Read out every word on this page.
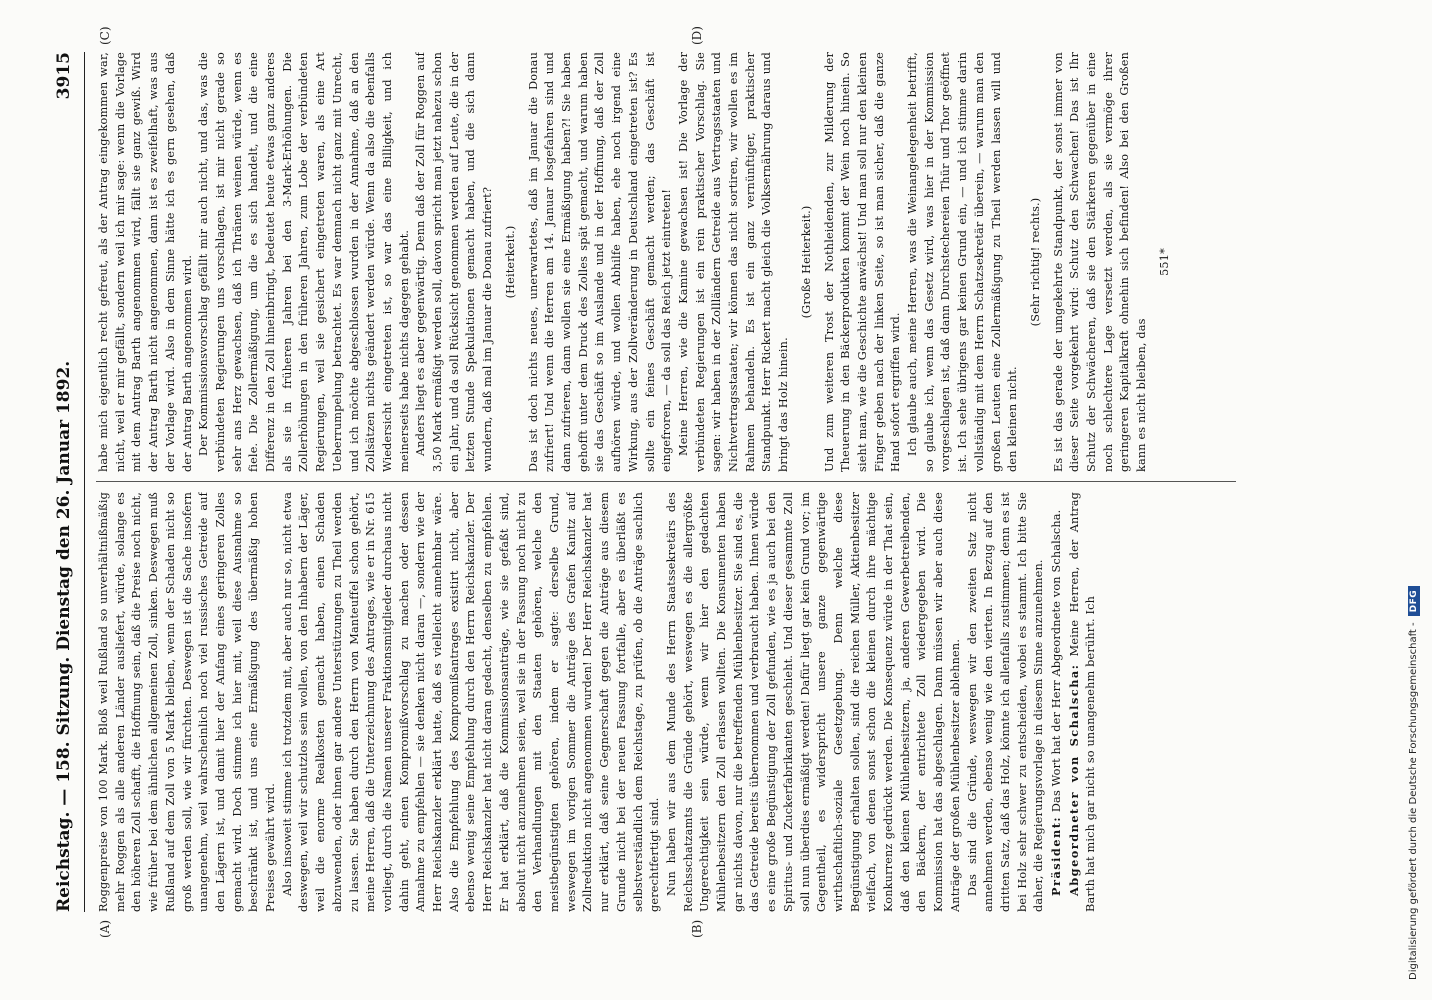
Reichstag. — 158. Sitzung. Dienstag den 26. Januar 1892.
3915
(A)	(B)
(C)	(D)

Roggenpreise von 100 Mark. Bloß weil Rußland so unverhältnißmäßig mehr Roggen als alle anderen Länder ausliefert, würde, solange es den höheren Zoll schafft, die Hoffnung sein, daß die Preise noch nicht, wie früher bei dem ähnlichen allgemeinen Zoll, sinken. Deswegen muß Rußland auf dem Zoll von 5 Mark bleiben, wenn der Schaden nicht so groß werden soll, wie wir fürchten. Deswegen ist die Sache insofern unangenehm, weil wahrscheinlich noch viel russisches Getreide auf den Lägern ist, und damit hier der Anfang eines geringeren Zolles gemacht wird. Doch stimme ich hier mit, weil diese Ausnahme so beschränkt ist, und uns eine Ermäßigung des übermäßig hohen Preises gewährt wird. Also insoweit stimme ich trotzdem mit, aber auch nur so, nicht etwa deswegen, weil wir schutzlos sein wollen, von den Inhabern der Läger, weil die enorme Realkosten gemacht haben, einen Schaden abzuwenden, oder ihnen gar andere Unterstützungen zu Theil werden zu lassen. Sie haben durch den Herrn von Manteuffel schon gehört, meine Herren, daß die Unterzeichnung des Antrages, wie er in Nr. 615 vorliegt, durch die Namen unserer Fraktionsmitglieder durchaus nicht dahin geht, einen Kompromißvorschlag zu machen oder dessen Annahme zu empfehlen — sie denken nicht daran —, sondern wie der Herr Reichskanzler erklärt hatte, daß es vielleicht annehmbar wäre. Also die Empfehlung des Kompromißantrages existirt nicht, aber ebenso wenig seine Empfehlung durch den Herrn Reichskanzler. Der Herr Reichskanzler hat nicht daran gedacht, denselben zu empfehlen. Er hat erklärt, daß die Kommissionsanträge, wie sie gefaßt sind, absolut nicht anzunehmen seien, weil sie in der Fassung noch nicht zu den Verhandlungen mit den Staaten gehören, welche den meistbegünstigten gehören, indem er sagte: derselbe Grund, weswegen im vorigen Sommer die Anträge des Grafen Kanitz auf Zollreduktion nicht angenommen wurden! Der Herr Reichskanzler hat nur erklärt, daß seine Gegnerschaft gegen die Anträge aus diesem Grunde nicht bei der neuen Fassung fortfalle, aber es überläßt es selbstverständlich dem Reichstage, zu prüfen, ob die Anträge sachlich gerechtfertigt sind. Nun haben wir aus dem Munde des Herrn Staatssekretärs des Reichsschatzamts die Gründe gehört, weswegen es die allergrößte Ungerechtigkeit sein würde, wenn wir hier den gedachten Mühlenbesitzern den Zoll erlassen wollten. Die Konsumenten haben gar nichts davon, nur die betreffenden Mühlenbesitzer. Sie sind es, die das Getreide bereits übernommen und verbraucht haben. Ihnen würde es eine große Begünstigung der Zoll gefunden, wie es ja auch bei den Spiritus- und Zuckerfabrikanten geschieht. Und dieser gesammte Zoll soll nun überdies ermäßigt werden! Dafür liegt gar kein Grund vor; im Gegentheil, es widerspricht unsere ganze gegenwärtige wirthschaftlich-soziale Gesetzgebung. Denn welche diese Begünstigung erhalten sollen, sind die reichen Müller, Aktienbesitzer vielfach, von denen sonst schon die kleinen durch ihre mächtige Konkurrenz gedrückt werden. Die Konsequenz würde in der That sein, daß den kleinen Mühlenbesitzern, ja, anderen Gewerbetreibenden, den Bäckern, der entrichtete Zoll wiedergegeben wird. Die Kommission hat das abgeschlagen. Dann müssen wir aber auch diese Anträge der großen Mühlenbesitzer ablehnen. Das sind die Gründe, weswegen wir den zweiten Satz nicht annehmen werden, ebenso wenig wie den vierten. In Bezug auf den dritten Satz, daß das Holz, könnte ich allenfalls zustimmen; denn es ist bei Holz sehr schwer zu entscheiden, wobei es stammt. Ich bitte Sie daher, die Regierungsvorlage in diesem Sinne anzunehmen. Präsident: Das Wort hat der Herr Abgeordnete von Schalscha. Abgeordneter von Schalscha: Meine Herren, der Antrag Barth hat mich gar nicht so unangenehm berührt. Ich

habe mich eigentlich recht gefreut, als der Antrag eingekommen war, nicht, weil er mir gefällt, sondern weil ich mir sage: wenn die Vorlage mit dem Antrag Barth angenommen wird, fällt sie ganz gewiß. Wird der Antrag Barth nicht angenommen, dann ist es zweifelhaft, was aus der Vorlage wird. Also in dem Sinne hätte ich es gern gesehen, daß der Antrag Barth angenommen wird. Der Kommissionsvorschlag gefällt mir auch nicht, und das, was die verbündeten Regierungen uns vorschlagen, ist mir nicht gerade so sehr ans Herz gewachsen, daß ich Thränen weinen würde, wenn es fiele. Die Zollermäßigung, um die es sich handelt, und die eine Differenz in den Zoll hineinbringt, bedeutet heute etwas ganz anderes als sie in früheren Jahren bei den 3-Mark-Erhöhungen. Die Zollerhöhungen in den früheren Jahren, zum Lobe der verbündeten Regierungen, weil sie gesichert eingetreten waren, als eine Art Ueberrumpelung betrachtet. Es war demnach nicht ganz mit Unrecht, und ich möchte abgeschlossen wurden in der Annahme, daß an den Zollsätzen nichts geändert werden würde. Wenn da also die ebenfalls Wiedersicht eingetreten ist, so war das eine Billigkeit, und ich meinerseits habe nichts dagegen gehabt. Anders liegt es aber gegenwärtig. Denn daß der Zoll für Roggen auf 3,50 Mark ermäßigt werden soll, davon spricht man jetzt nahezu schon ein Jahr, und da soll Rücksicht genommen werden auf Leute, die in der letzten Stunde Spekulationen gemacht haben, und die sich dann wundern, daß mal im Januar die Donau zufriert? (Heiterkeit.) Das ist doch nichts neues, unerwartetes, daß im Januar die Donau zufriert! Und wenn die Herren am 14. Januar losgefahren sind und dann zufrieren, dann wollen sie eine Ermäßigung haben?! Sie haben gehofft unter dem Druck des Zolles spät gemacht, und warum haben sie das Geschäft so im Auslande und in der Hoffnung, daß der Zoll aufhören würde, und wollen Abhilfe haben, ehe noch irgend eine Wirkung, aus der Zollveränderung in Deutschland eingetreten ist? Es sollte ein feines Geschäft gemacht werden; das Geschäft ist eingefroren, — da soll das Reich jetzt eintreten! Meine Herren, wie die Kamine gewachsen ist! Die Vorlage der verbündeten Regierungen ist ein rein praktischer Vorschlag. Sie sagen: wir haben in der Zollländern Getreide aus Vertragsstaaten und Nichtvertragsstaaten; wir können das nicht sortiren, wir wollen es im Rahmen behandeln. Es ist ein ganz vernünftiger, praktischer Standpunkt. Herr Rickert macht gleich die Volksernährung daraus und bringt das Holz hinein.

(Große Heiterkeit.) Und zum weiteren Trost der Nothleidenden, zur Milderung der Theuerung in den Bäckerprodukten kommt der Wein noch hinein. So sieht man, wie die Geschichte anwächst! Und man soll nur den kleinen Finger geben nach der linken Seite, so ist man sicher, daß die ganze Hand sofort ergriffen wird. Ich glaube auch, meine Herren, was die Weinangelegenheit betrifft, so glaube ich, wenn das Gesetz wird, was hier in der Kommission vorgeschlagen ist, daß dann Durchstechereien Thür und Thor geöffnet ist. Ich sehe übrigens gar keinen Grund ein, — und ich stimme darin vollständig mit dem Herrn Schatzsekretär überein, — warum man den großen Leuten eine Zollermäßigung zu Theil werden lassen will und den kleinen nicht.

(Sehr richtig! rechts.) Es ist das gerade der umgekehrte Standpunkt, der sonst immer von dieser Seite vorgekehrt wird: Schutz den Schwachen! Das ist Ihr Schutz der Schwächeren, daß sie den Stärkeren gegenüber in eine noch schlechtere Lage versetzt werden, als sie vermöge ihrer geringeren Kapitalkraft ohnehin sich befinden! Also bei den Großen kann es nicht bleiben, das

551*

Digitalisierung gefördert durch die Deutsche Forschungsgemeinschaft -DFG
